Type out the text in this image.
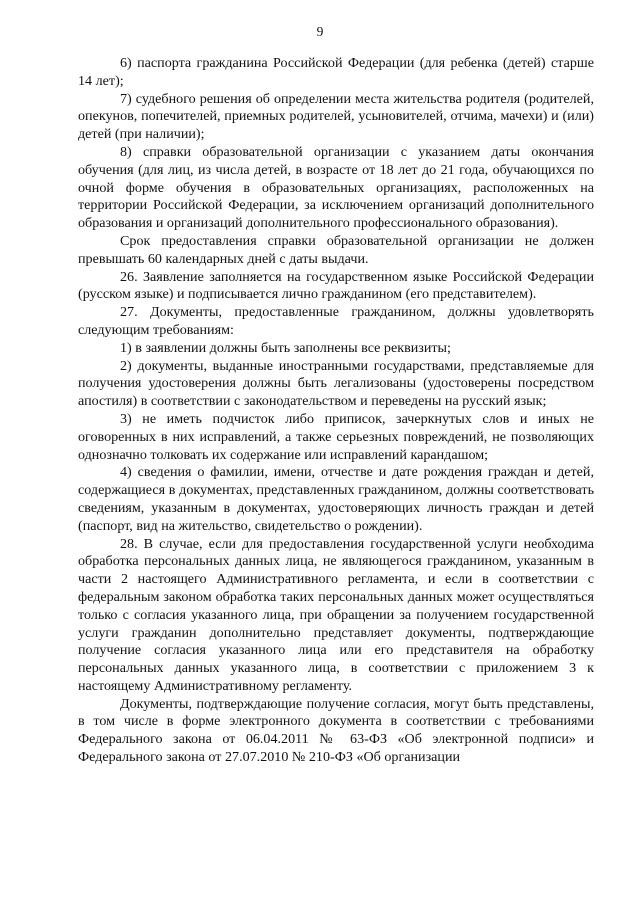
9

6) паспорта гражданина Российской Федерации (для ребенка (детей) старше 14 лет);

7) судебного решения об определении места жительства родителя (родителей, опекунов, попечителей, приемных родителей, усыновителей, отчима, мачехи) и (или) детей (при наличии);

8) справки образовательной организации с указанием даты окончания обучения (для лиц, из числа детей, в возрасте от 18 лет до 21 года, обучающихся по очной форме обучения в образовательных организациях, расположенных на территории Российской Федерации, за исключением организаций дополнительного образования и организаций дополнительного профессионального образования).

Срок предоставления справки образовательной организации не должен превышать 60 календарных дней с даты выдачи.

26. Заявление заполняется на государственном языке Российской Федерации (русском языке) и подписывается лично гражданином (его представителем).

27. Документы, предоставленные гражданином, должны удовлетворять следующим требованиям:

1) в заявлении должны быть заполнены все реквизиты;

2) документы, выданные иностранными государствами, представляемые для получения удостоверения должны быть легализованы (удостоверены посредством апостиля) в соответствии с законодательством и переведены на русский язык;

3) не иметь подчисток либо приписок, зачеркнутых слов и иных не оговоренных в них исправлений, а также серьезных повреждений, не позволяющих однозначно толковать их содержание или исправлений карандашом;

4) сведения о фамилии, имени, отчестве и дате рождения граждан и детей, содержащиеся в документах, представленных гражданином, должны соответствовать сведениям, указанным в документах, удостоверяющих личность граждан и детей (паспорт, вид на жительство, свидетельство о рождении).

28. В случае, если для предоставления государственной услуги необходима обработка персональных данных лица, не являющегося гражданином, указанным в части 2 настоящего Административного регламента, и если в соответствии с федеральным законом обработка таких персональных данных может осуществляться только с согласия указанного лица, при обращении за получением государственной услуги гражданин дополнительно представляет документы, подтверждающие получение согласия указанного лица или его представителя на обработку персональных данных указанного лица, в соответствии с приложением 3 к настоящему Административному регламенту.

Документы, подтверждающие получение согласия, могут быть представлены, в том числе в форме электронного документа в соответствии с требованиями Федерального закона от 06.04.2011 № 63-ФЗ «Об электронной подписи» и Федерального закона от 27.07.2010 № 210-ФЗ «Об организации
